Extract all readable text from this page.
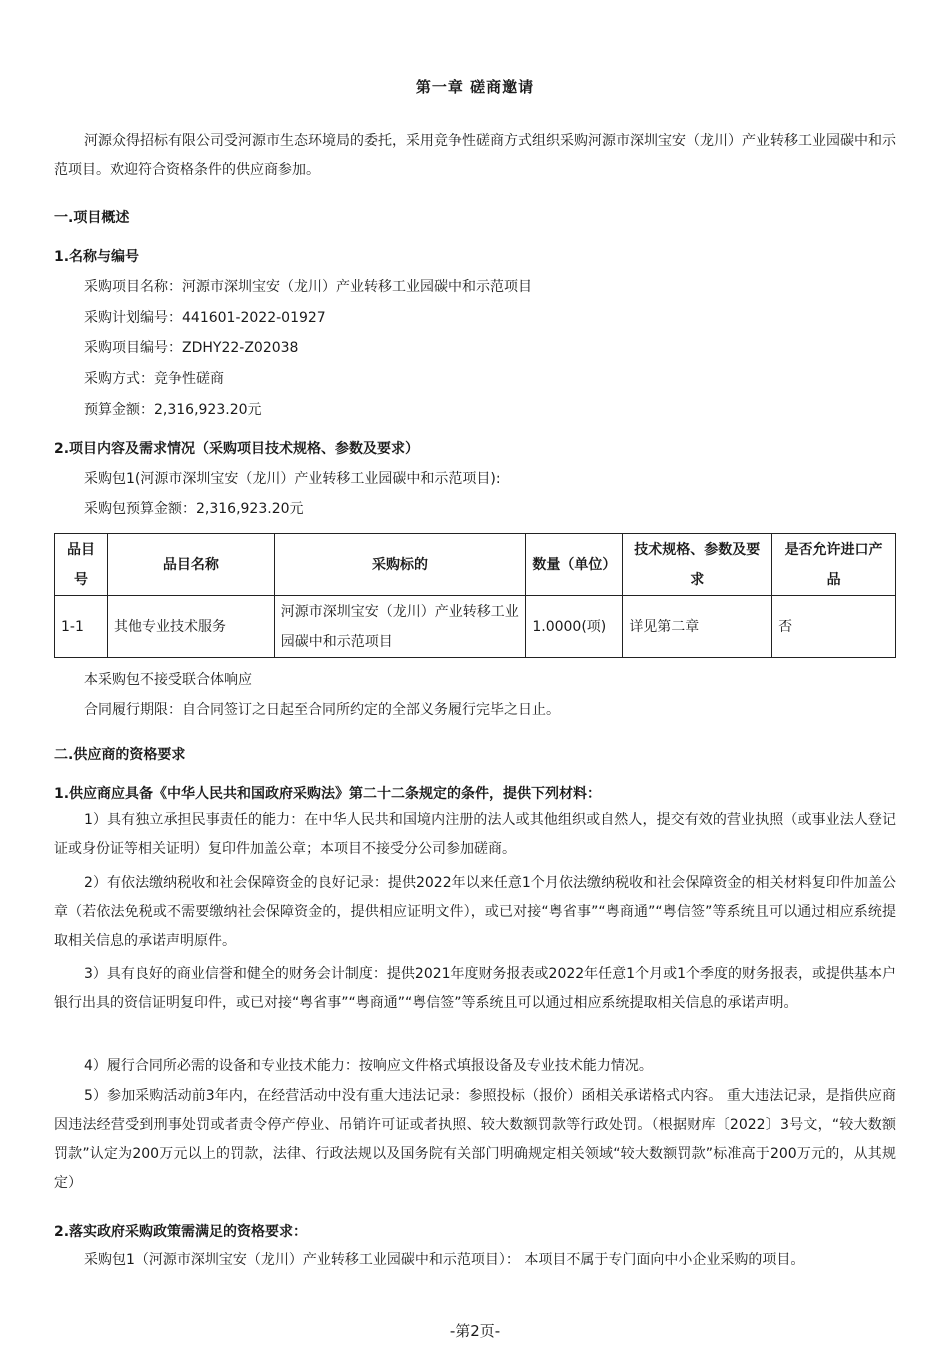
第一章 磋商邀请
河源众得招标有限公司受河源市生态环境局的委托，采用竞争性磋商方式组织采购河源市深圳宝安（龙川）产业转移工业园碳中和示范项目。欢迎符合资格条件的供应商参加。
一.项目概述
1.名称与编号
采购项目名称：河源市深圳宝安（龙川）产业转移工业园碳中和示范项目
采购计划编号：441601-2022-01927
采购项目编号：ZDHY22-Z02038
采购方式：竞争性磋商
预算金额：2,316,923.20元
2.项目内容及需求情况（采购项目技术规格、参数及要求）
采购包1(河源市深圳宝安（龙川）产业转移工业园碳中和示范项目):
采购包预算金额：2,316,923.20元
品目号	品目名称	采购标的	数量（单位）	技术规格、参数及要求	是否允许进口产品
1-1	其他专业技术服务	河源市深圳宝安（龙川）产业转移工业园碳中和示范项目	1.0000(项)	详见第二章	否
本采购包不接受联合体响应
合同履行期限：自合同签订之日起至合同所约定的全部义务履行完毕之日止。
二.供应商的资格要求
1.供应商应具备《中华人民共和国政府采购法》第二十二条规定的条件，提供下列材料：
1）具有独立承担民事责任的能力：在中华人民共和国境内注册的法人或其他组织或自然人，提交有效的营业执照（或事业法人登记证或身份证等相关证明）复印件加盖公章；本项目不接受分公司参加磋商。
2）有依法缴纳税收和社会保障资金的良好记录：提供2022年以来任意1个月依法缴纳税收和社会保障资金的相关材料复印件加盖公章（若依法免税或不需要缴纳社会保障资金的，提供相应证明文件），或已对接“粤省事”“粤商通”“粤信签”等系统且可以通过相应系统提取相关信息的承诺声明原件。
3）具有良好的商业信誉和健全的财务会计制度：提供2021年度财务报表或2022年任意1个月或1个季度的财务报表，或提供基本户银行出具的资信证明复印件，或已对接“粤省事”“粤商通”“粤信签”等系统且可以通过相应系统提取相关信息的承诺声明。
4）履行合同所必需的设备和专业技术能力：按响应文件格式填报设备及专业技术能力情况。
5）参加采购活动前3年内，在经营活动中没有重大违法记录：参照投标（报价）函相关承诺格式内容。 重大违法记录，是指供应商因违法经营受到刑事处罚或者责令停产停业、吊销许可证或者执照、较大数额罚款等行政处罚。（根据财库〔2022〕3号文，“较大数额罚款”认定为200万元以上的罚款，法律、行政法规以及国务院有关部门明确规定相关领域“较大数额罚款”标准高于200万元的，从其规定）
2.落实政府采购政策需满足的资格要求：
采购包1（河源市深圳宝安（龙川）产业转移工业园碳中和示范项目）： 本项目不属于专门面向中小企业采购的项目。
-第2页-
